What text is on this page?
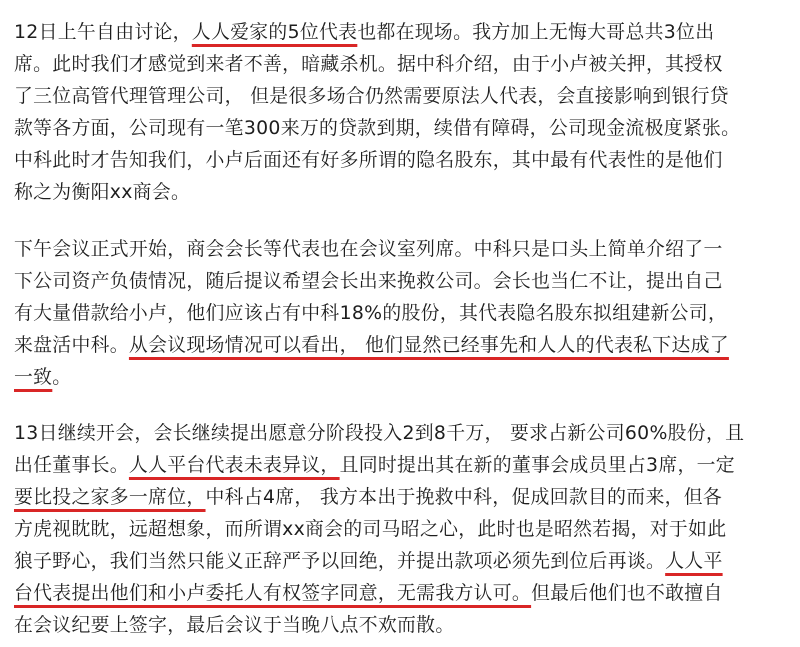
12日上午自由讨论，人人爱家的5位代表也都在现场。我方加上无悔大哥总共3位出
席。此时我们才感觉到来者不善，暗藏杀机。据中科介绍，由于小卢被关押，其授权
了三位高管代理管理公司， 但是很多场合仍然需要原法人代表，会直接影响到银行贷
款等各方面，公司现有一笔300来万的贷款到期，续借有障碍，公司现金流极度紧张。
中科此时才告知我们，小卢后面还有好多所谓的隐名股东，其中最有代表性的是他们
称之为衡阳xx商会。
下午会议正式开始，商会会长等代表也在会议室列席。中科只是口头上简单介绍了一
下公司资产负债情况，随后提议希望会长出来挽救公司。会长也当仁不让，提出自己
有大量借款给小卢，他们应该占有中科18%的股份，其代表隐名股东拟组建新公司，
来盘活中科。从会议现场情况可以看出， 他们显然已经事先和人人的代表私下达成了
一致。
13日继续开会，会长继续提出愿意分阶段投入2到8千万， 要求占新公司60%股份，且
出任董事长。人人平台代表未表异议，且同时提出其在新的董事会成员里占3席，一定
要比投之家多一席位，中科占4席， 我方本出于挽救中科，促成回款目的而来，但各
方虎视眈眈，远超想象，而所谓xx商会的司马昭之心，此时也是昭然若揭，对于如此
狼子野心，我们当然只能义正辞严予以回绝，并提出款项必须先到位后再谈。人人平
台代表提出他们和小卢委托人有权签字同意，无需我方认可。但最后他们也不敢擅自
在会议纪要上签字，最后会议于当晚八点不欢而散。
